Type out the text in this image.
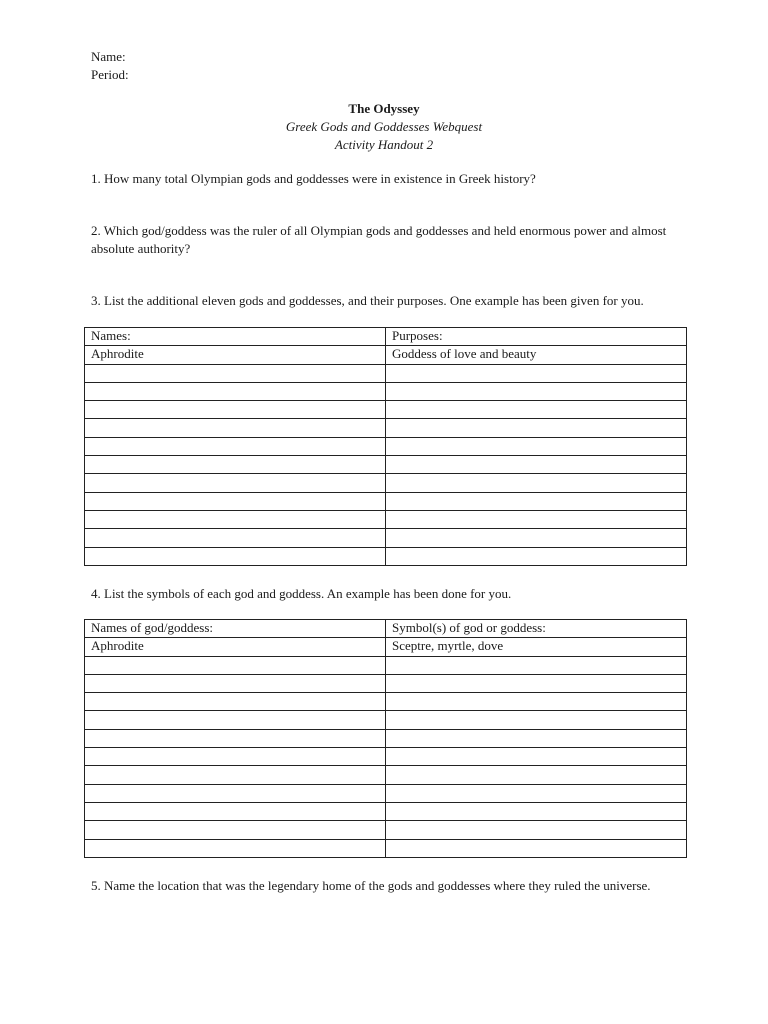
Name:
Period:
The Odyssey
Greek Gods and Goddesses Webquest
Activity Handout 2
1. How many total Olympian gods and goddesses were in existence in Greek history?
2. Which god/goddess was the ruler of all Olympian gods and goddesses and held enormous power and almost absolute authority?
3. List the additional eleven gods and goddesses, and their purposes. One example has been given for you.
Names:	Purposes:
Aphrodite	Goddess of love and beauty

4. List the symbols of each god and goddess. An example has been done for you.
Names of god/goddess:	Symbol(s) of god or goddess:
Aphrodite	Sceptre, myrtle, dove

5. Name the location that was the legendary home of the gods and goddesses where they ruled the universe.
